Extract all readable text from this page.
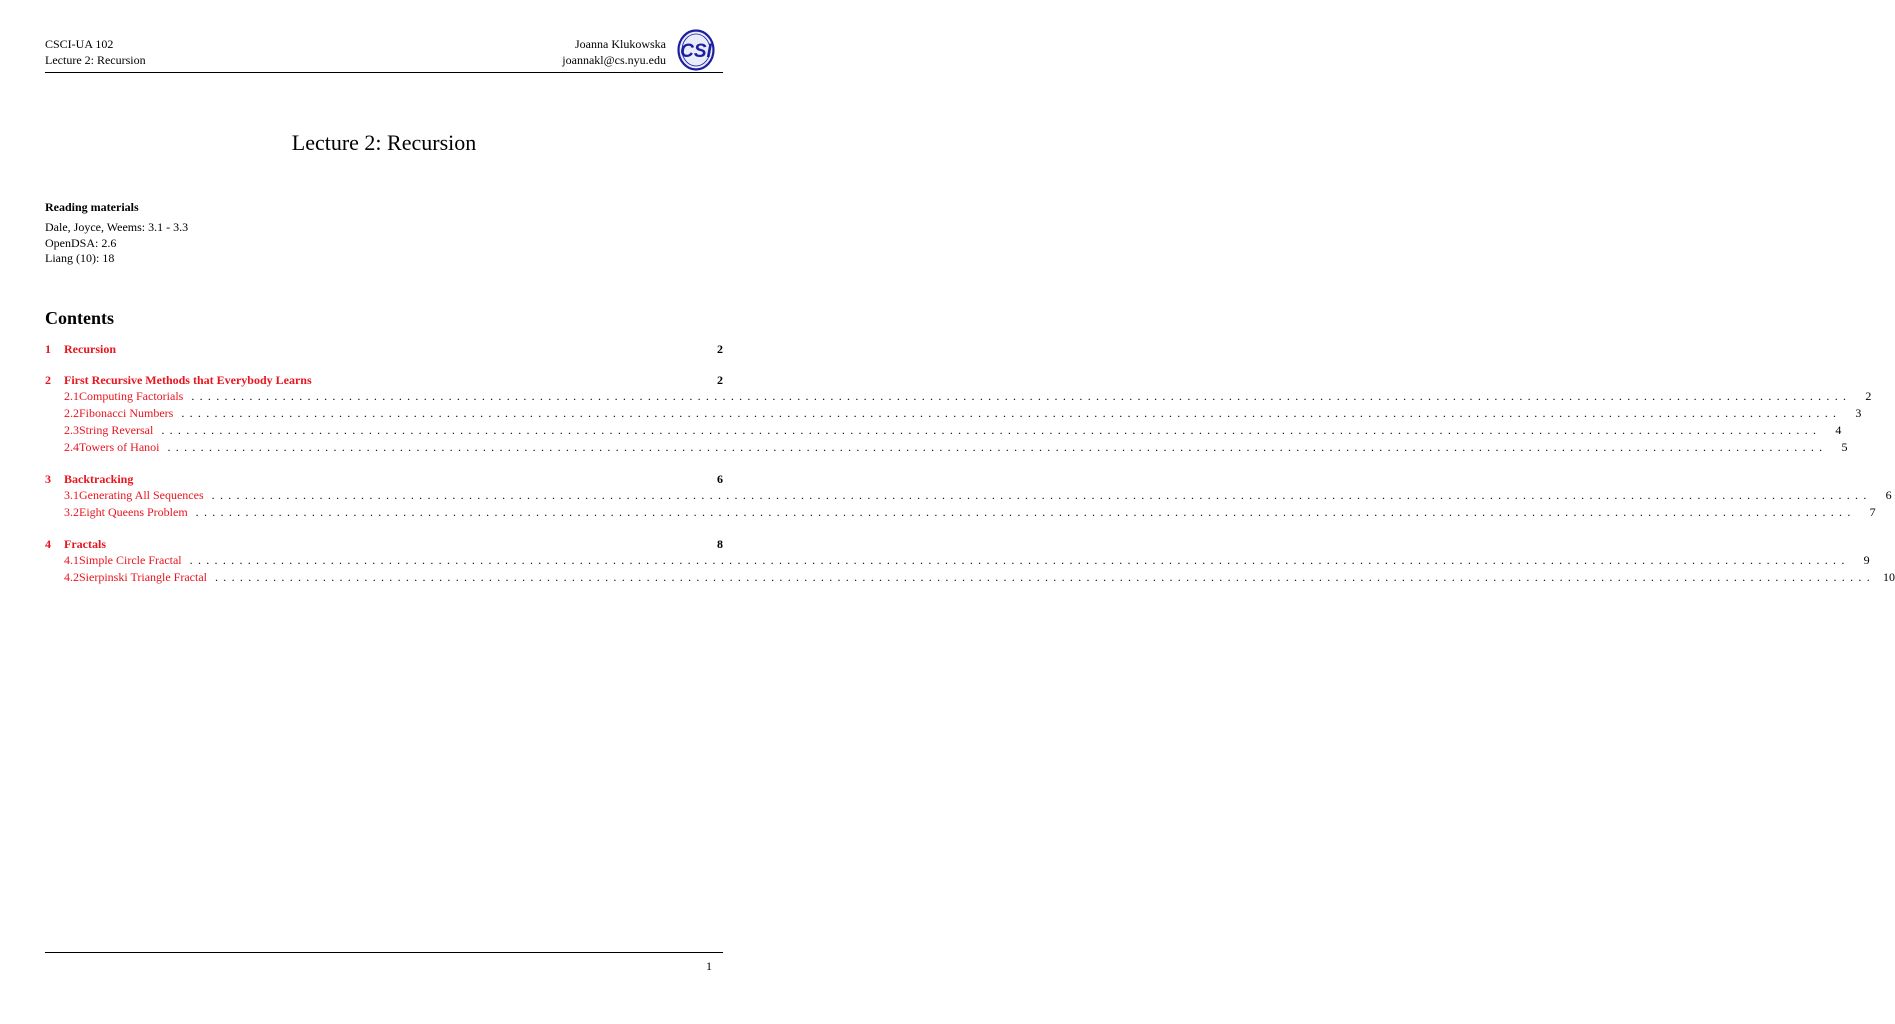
CSCI-UA 102
Lecture 2: Recursion
Joanna Klukowska
joannakl@cs.nyu.edu CSI
Lecture 2: Recursion
Reading materials
Dale, Joyce, Weems: 3.1 - 3.3
OpenDSA: 2.6
Liang (10): 18
Contents
1	Recursion	2
2	First Recursive Methods that Everybody Learns	2
2.1 Computing Factorials ........................................................................................................................................................................................................	2
2.2 Fibonacci Numbers ........................................................................................................................................................................................................	3
2.3 String Reversal ........................................................................................................................................................................................................	4
2.4 Towers of Hanoi ........................................................................................................................................................................................................	5
3	Backtracking	6
3.1 Generating All Sequences ........................................................................................................................................................................................................	6
3.2 Eight Queens Problem ........................................................................................................................................................................................................	7
4	Fractals	8
4.1 Simple Circle Fractal ........................................................................................................................................................................................................	9
4.2 Sierpinski Triangle Fractal ........................................................................................................................................................................................................ 10
1
